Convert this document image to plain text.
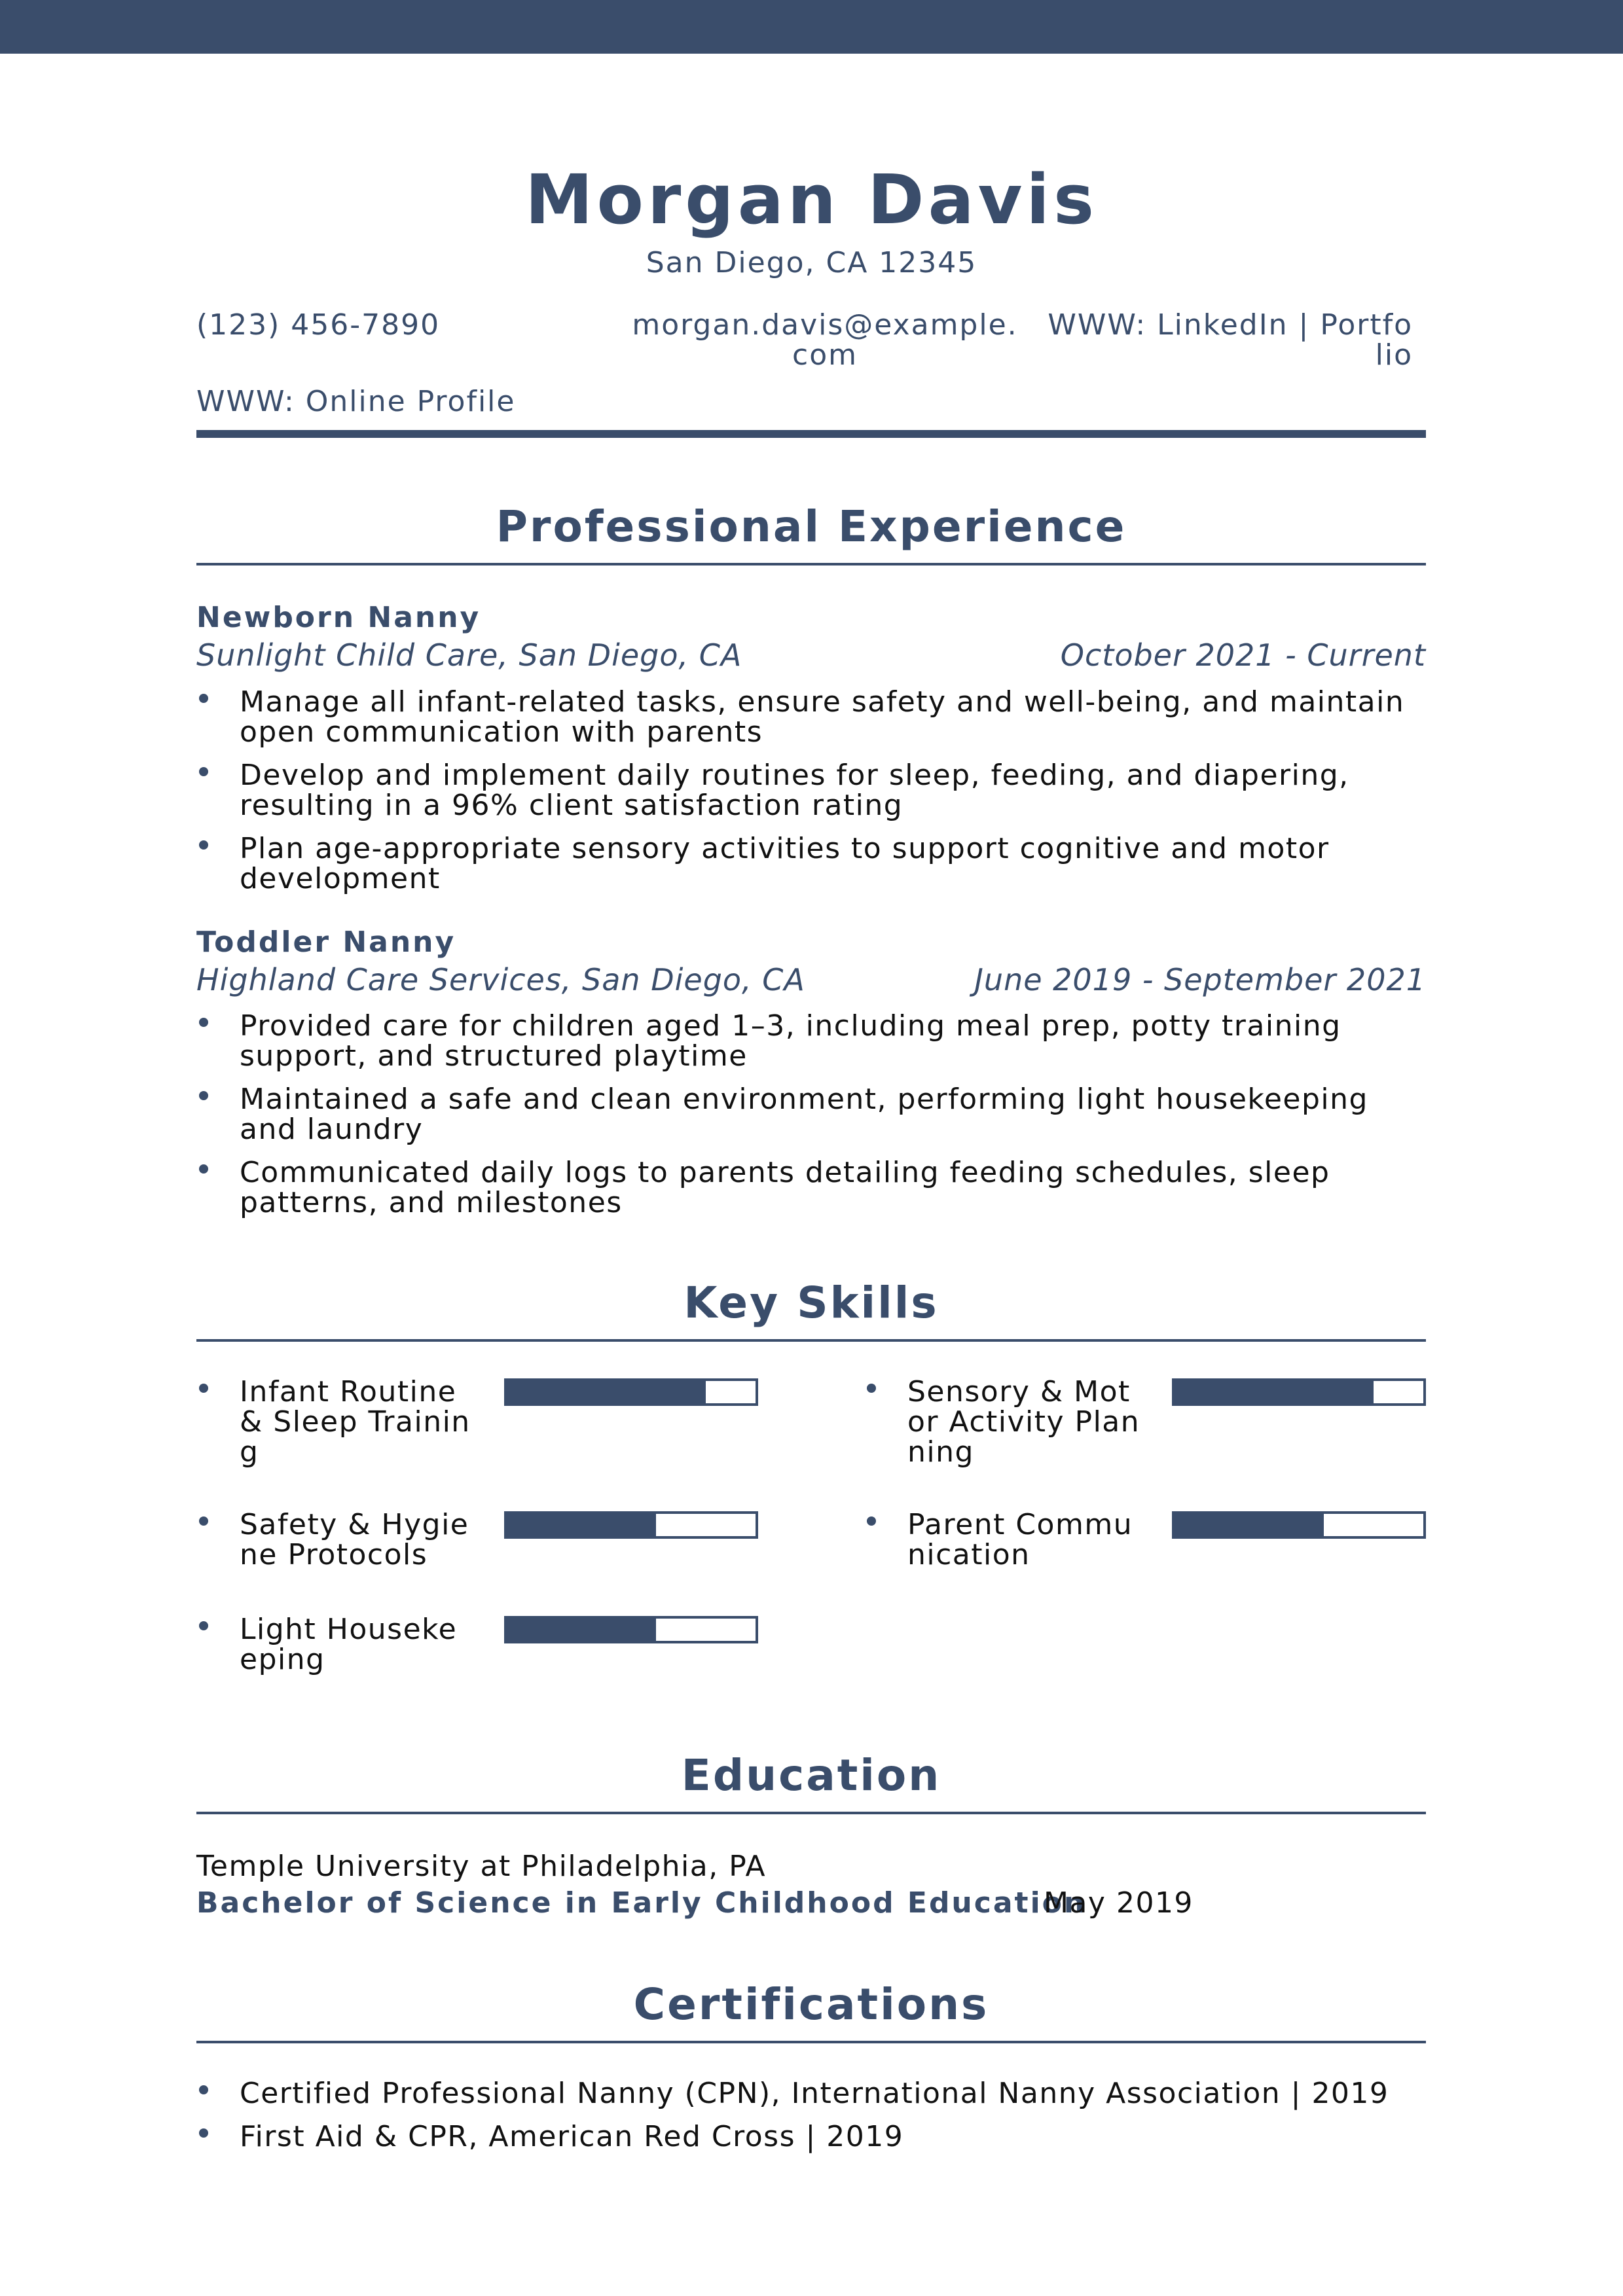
Morgan Davis
San Diego, CA 12345
(123) 456-7890	morgan.davis@example.
com
WWW: LinkedIn | Portfo
lio
WWW: Online Profile
Professional Experience
Newborn Nanny
Sunlight Child Care, San Diego, CA	October 2021 - Current
Manage all infant-related tasks, ensure safety and well-being, and maintain open communication with parents
Develop and implement daily routines for sleep, feeding, and diapering, resulting in a 96% client satisfaction rating
Plan age-appropriate sensory activities to support cognitive and motor development
Toddler Nanny
Highland Care Services, San Diego, CA	June 2019 - September 2021
Provided care for children aged 1–3, including meal prep, potty training support, and structured playtime
Maintained a safe and clean environment, performing light housekeeping and laundry
Communicated daily logs to parents detailing feeding schedules, sleep patterns, and milestones
Key Skills
Infant Routine & Sleep Training
Sensory & Motor Activity Planning
Safety & Hygiene Protocols
Parent Communication
Light Housekeeping
Education
Temple University at Philadelphia, PA
Bachelor of Science in Early Childhood Education
May 2019
Certifications
Certified Professional Nanny (CPN), International Nanny Association | 2019
First Aid & CPR, American Red Cross | 2019
